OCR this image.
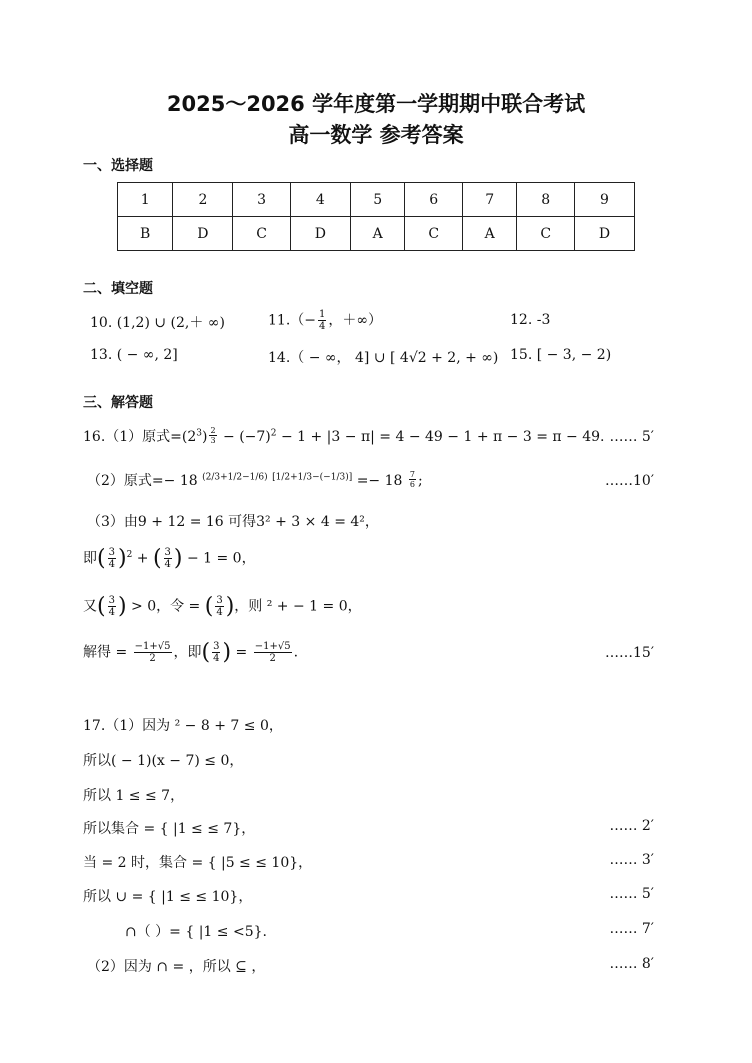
2025～2026 学年度第一学期期中联合考试
高一数学 参考答案
一、选择题
1	2	3	4	5	6	7	8	9
B	D	C	D	A	C	A	C	D
二、填空题
10. (1,2) ∪ (2,＋ ∞)	$11.(- \frac{1}{4}$ ，＋∞）	12. -3
13. ( − ∞, 2]	14.（ − ∞， 4] ∪ [ 4√2 + 2, + ∞) 15. [ − 3, − 2)
三、解答题
16.（1）原式$=(2^3) \frac{2}{3} - (-7)^2 - 1 + |3 - \pi| = 4 - 49 - 1 + \pi - 3 = \pi - 49$. …… 5′
（2）原式=− 18 $^{(2/3+1/2-1/6)}$ $[1/2+1/3-(-1/3)] =- 18 \frac{7}{6}$ ;	……10′
（3）由9 + 12 = 16 可得3² + 3 × 4 = 4²，
即( $\frac{3}{4} )^2$ + ( $\frac{3}{4}$ ) − 1 = 0，
又( $\frac{3}{4}$ ) > 0，令 = ( $\frac{3}{4}$ )，则 ² + − 1 = 0，
解得 = $\frac{-1+√5}{2}$ ，即( $\frac{3}{4}$ ) = $\frac{-1+√5}{2}$ .	……15′
17.（1）因为 ² − 8 + 7 ≤ 0，
所以( − 1)(x − 7) ≤ 0，
所以 1 ≤ ≤ 7，
所以集合 = { |1 ≤ ≤ 7}，	…… 2′
当 = 2 时，集合 = { |5 ≤ ≤ 10}，	…… 3′
所以 ∪ = { |1 ≤ ≤ 10}，	…… 5′
∩（ ）= { |1 ≤ <5}.	…… 7′
（2）因为 ∩ = ，所以 ⊆ ，	…… 8′
